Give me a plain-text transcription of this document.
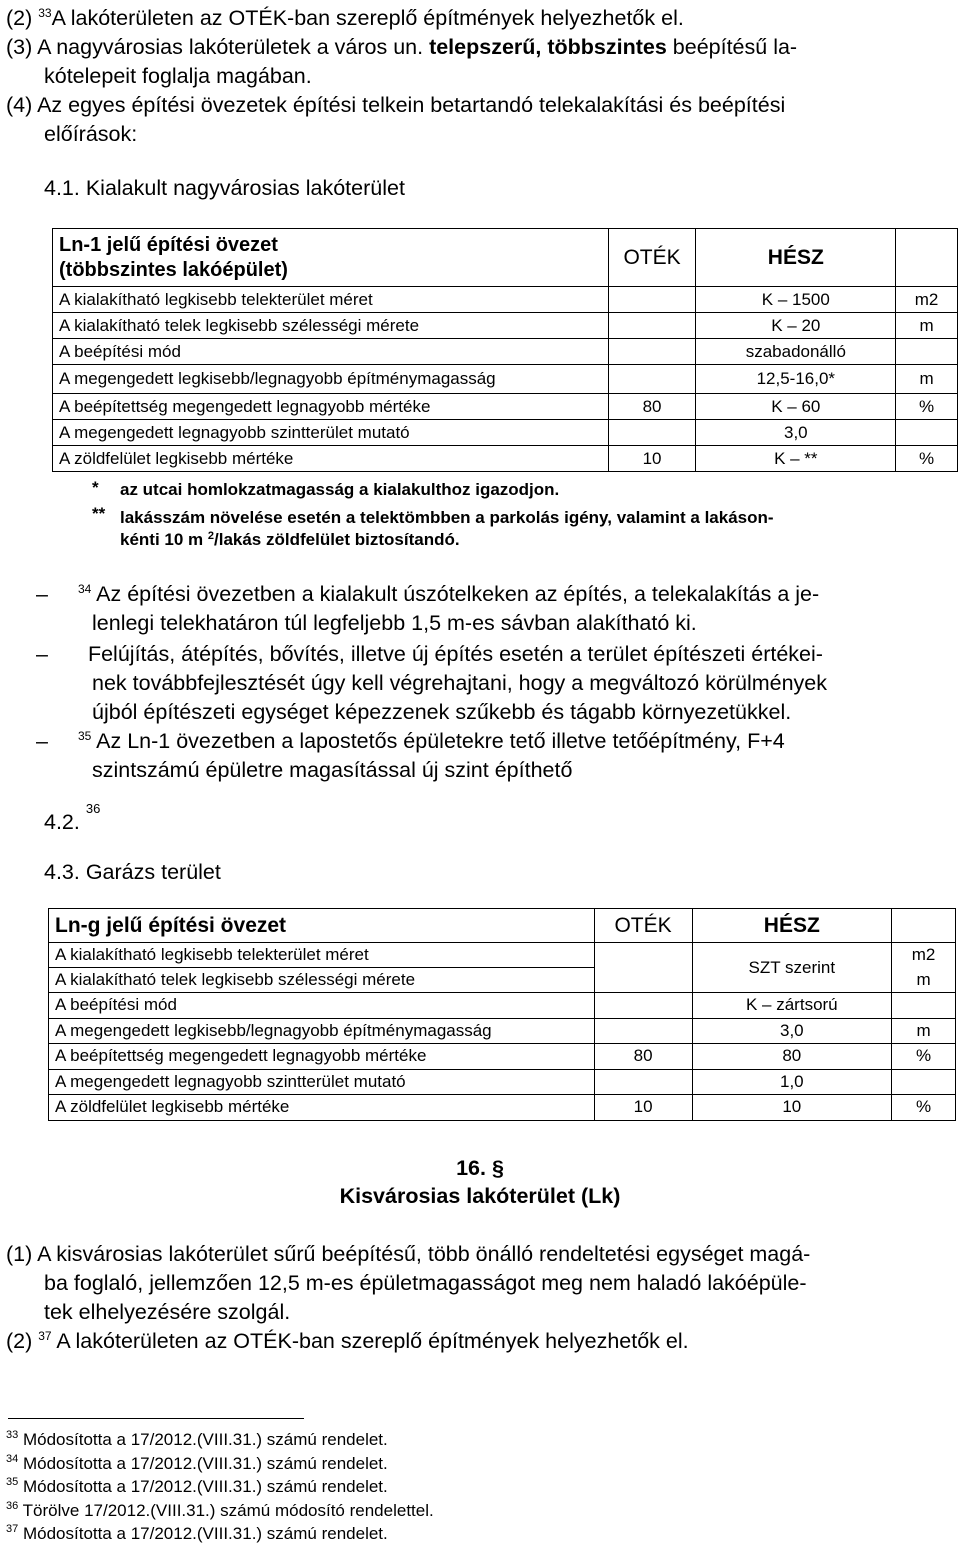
(2) $^{33}$A lakóterületen az OTÉK-ban szereplő építmények helyezhetők el.
(3) A nagyvárosias lakóterületek a város un. telepszerű, többszintes beépítésű la-
kótelepeit foglalja magában.
(4) Az egyes építési övezetek építési telkein betartandó telekalakítási és beépítési
előírások:
4.1. Kialakult nagyvárosias lakóterület
Ln-1 jelű építési övezet
(többszintes lakóépület)	OTÉK	HÉSZ	
A kialakítható legkisebb telekterület méret		K – 1500	m2
A kialakítható telek legkisebb szélességi mérete		K – 20	m
A beépítési mód		szabadonálló	
A megengedett legkisebb/legnagyobb építménymagasság		12,5-16,0*	m
A beépítettség megengedett legnagyobb mértéke	80	K – 60	%
A megengedett legnagyobb szintterület mutató		3,0	
A zöldfelület legkisebb mértéke	10	K – **	%
* az utcai homlokzatmagasság a kialakulthoz igazodjon.
** lakásszám növelése esetén a telektömbben a parkolás igény, valamint a lakáson-
kénti 10 m $^2$/lakás zöldfelület biztosítandó.
–	$^{34}$ Az építési övezetben a kialakult úszótelkeken az építés, a telekalakítás a je-
lenlegi telekhatáron túl legfeljebb 1,5 m-es sávban alakítható ki.
– Felújítás, átépítés, bővítés, illetve új építés esetén a terület építészeti értékei-
nek továbbfejlesztését úgy kell végrehajtani, hogy a megváltozó körülmények
újból építészeti egységet képezzenek szűkebb és tágabb környezetükkel.
–	$^{35}$ Az Ln-1 övezetben a lapostetős épületekre tető illetve tetőépítmény, F+4
szintszámú épületre magasítással új szint építhető
4.2. $^{36}$
4.3. Garázs terület
Ln-g jelű építési övezet	OTÉK	HÉSZ	
A kialakítható legkisebb telekterület méret		SZT szerint	m2
A kialakítható telek legkisebb szélességi mérete			m
A beépítési mód		K – zártsorú	
A megengedett legkisebb/legnagyobb építménymagasság		3,0	m
A beépítettség megengedett legnagyobb mértéke	80	80	%
A megengedett legnagyobb szintterület mutató		1,0	
A zöldfelület legkisebb mértéke	10	10	%
16. §
Kisvárosias lakóterület (Lk)
(1) A kisvárosias lakóterület sűrű beépítésű, több önálló rendeltetési egységet magá-
ba foglaló, jellemzően 12,5 m-es épületmagasságot meg nem haladó lakóépüle-
tek elhelyezésére szolgál.
(2) $^{37}$ A lakóterületen az OTÉK-ban szereplő építmények helyezhetők el.
$^{33}$ Módosította a 17/2012.(VIII.31.) számú rendelet.
$^{34}$ Módosította a 17/2012.(VIII.31.) számú rendelet.
$^{35}$ Módosította a 17/2012.(VIII.31.) számú rendelet.
$^{36}$ Törölve 17/2012.(VIII.31.) számú módosító rendelettel.
$^{37}$ Módosította a 17/2012.(VIII.31.) számú rendelet.
